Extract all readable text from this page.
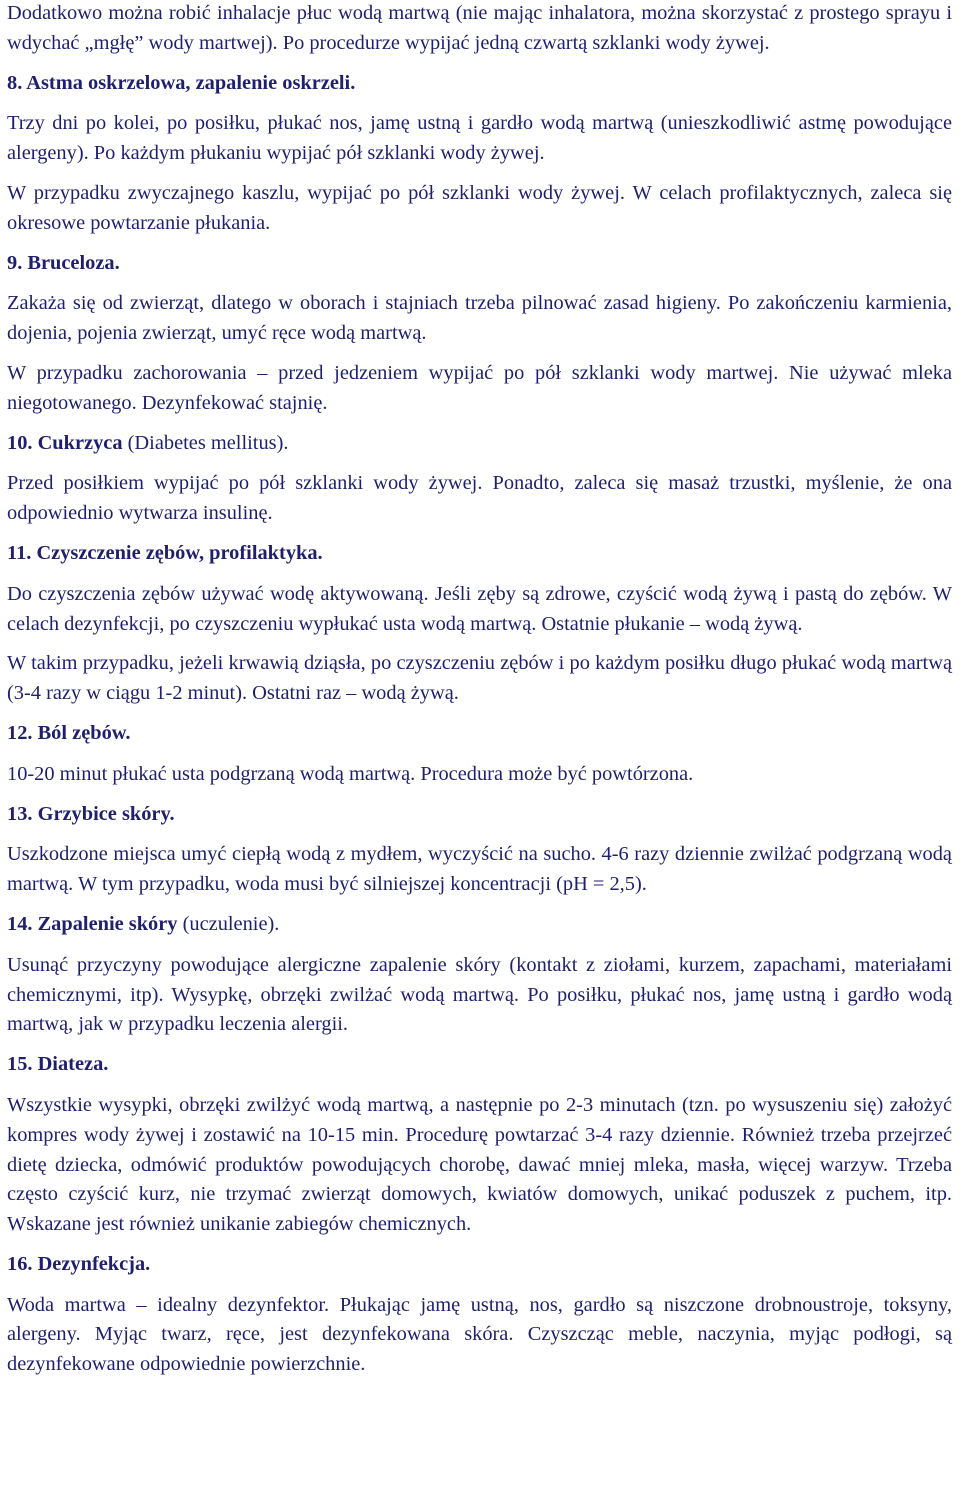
Dodatkowo można robić inhalacje płuc wodą martwą (nie mając inhalatora, można skorzystać z prostego sprayu i wdychać „mgłę” wody martwej). Po procedurze wypijać jedną czwartą szklanki wody żywej.

8. Astma oskrzelowa, zapalenie oskrzeli.

Trzy dni po kolei, po posiłku, płukać nos, jamę ustną i gardło wodą martwą (unieszkodliwić astmę powodujące alergeny). Po każdym płukaniu wypijać pół szklanki wody żywej.

W przypadku zwyczajnego kaszlu, wypijać po pół szklanki wody żywej. W celach profilaktycznych, zaleca się okresowe powtarzanie płukania.

9. Bruceloza.

Zakaża się od zwierząt, dlatego w oborach i stajniach trzeba pilnować zasad higieny. Po zakończeniu karmienia, dojenia, pojenia zwierząt, umyć ręce wodą martwą.

W przypadku zachorowania – przed jedzeniem wypijać po pół szklanki wody martwej. Nie używać mleka niegotowanego. Dezynfekować stajnię.

10. Cukrzyca (Diabetes mellitus).

Przed posiłkiem wypijać po pół szklanki wody żywej. Ponadto, zaleca się masaż trzustki, myślenie, że ona odpowiednio wytwarza insulinę.

11. Czyszczenie zębów, profilaktyka.

Do czyszczenia zębów używać wodę aktywowaną. Jeśli zęby są zdrowe, czyścić wodą żywą i pastą do zębów. W celach dezynfekcji, po czyszczeniu wypłukać usta wodą martwą. Ostatnie płukanie – wodą żywą.

W takim przypadku, jeżeli krwawią dziąsła, po czyszczeniu zębów i po każdym posiłku długo płukać wodą martwą (3-4 razy w ciągu 1-2 minut). Ostatni raz – wodą żywą.

12. Ból zębów.

10-20 minut płukać usta podgrzaną wodą martwą. Procedura może być powtórzona.

13. Grzybice skóry.

Uszkodzone miejsca umyć ciepłą wodą z mydłem, wyczyścić na sucho. 4-6 razy dziennie zwilżać podgrzaną wodą martwą. W tym przypadku, woda musi być silniejszej koncentracji (pH = 2,5).

14. Zapalenie skóry (uczulenie).

Usunąć przyczyny powodujące alergiczne zapalenie skóry (kontakt z ziołami, kurzem, zapachami, materiałami chemicznymi, itp). Wysypkę, obrzęki zwilżać wodą martwą. Po posiłku, płukać nos, jamę ustną i gardło wodą martwą, jak w przypadku leczenia alergii.

15. Diateza.

Wszystkie wysypki, obrzęki zwilżyć wodą martwą, a następnie po 2-3 minutach (tzn. po wysuszeniu się) założyć kompres wody żywej i zostawić na 10-15 min. Procedurę powtarzać 3-4 razy dziennie. Również trzeba przejrzeć dietę dziecka, odmówić produktów powodujących chorobę, dawać mniej mleka, masła, więcej warzyw. Trzeba często czyścić kurz, nie trzymać zwierząt domowych, kwiatów domowych, unikać poduszek z puchem, itp. Wskazane jest również unikanie zabiegów chemicznych.

16. Dezynfekcja.

Woda martwa – idealny dezynfektor. Płukając jamę ustną, nos, gardło są niszczone drobnoustroje, toksyny, alergeny. Myjąc twarz, ręce, jest dezynfekowana skóra. Czyszcząc meble, naczynia, myjąc podłogi, są dezynfekowane odpowiednie powierzchnie.
